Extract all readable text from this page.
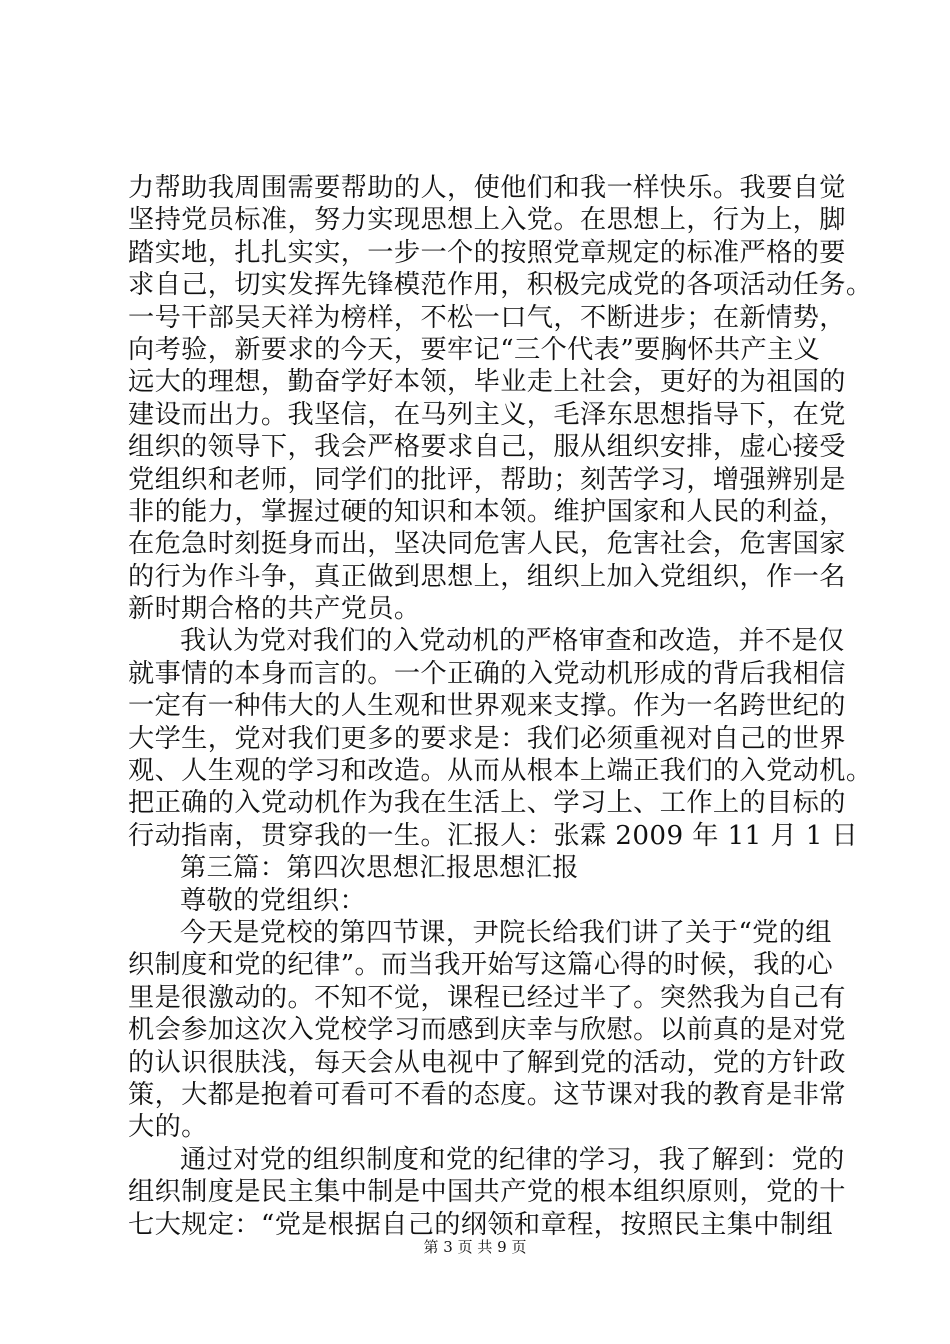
力帮助我周围需要帮助的人，使他们和我一样快乐。我要自觉
坚持党员标准，努力实现思想上入党。在思想上，行为上，脚
踏实地，扎扎实实，一步一个的按照党章规定的标准严格的要
求自己，切实发挥先锋模范作用，积极完成党的各项活动任务。
一号干部吴天祥为榜样，不松一口气，不断进步；在新情势，
向考验，新要求的今天，要牢记“三个代表”要胸怀共产主义
远大的理想，勤奋学好本领，毕业走上社会，更好的为祖国的
建设而出力。我坚信，在马列主义，毛泽东思想指导下，在党
组织的领导下，我会严格要求自己，服从组织安排，虚心接受
党组织和老师，同学们的批评，帮助；刻苦学习，增强辨别是
非的能力，掌握过硬的知识和本领。维护国家和人民的利益，
在危急时刻挺身而出，坚决同危害人民，危害社会，危害国家
的行为作斗争，真正做到思想上，组织上加入党组织，作一名
新时期合格的共产党员。
我认为党对我们的入党动机的严格审查和改造，并不是仅
就事情的本身而言的。一个正确的入党动机形成的背后我相信
一定有一种伟大的人生观和世界观来支撑。作为一名跨世纪的
大学生，党对我们更多的要求是：我们必须重视对自己的世界
观、人生观的学习和改造。从而从根本上端正我们的入党动机。
把正确的入党动机作为我在生活上、学习上、工作上的目标的
行动指南，贯穿我的一生。汇报人：张霖 2009 年 11 月 1 日
第三篇：第四次思想汇报思想汇报
尊敬的党组织：
今天是党校的第四节课，尹院长给我们讲了关于“党的组
织制度和党的纪律”。而当我开始写这篇心得的时候，我的心
里是很激动的。不知不觉，课程已经过半了。突然我为自己有
机会参加这次入党校学习而感到庆幸与欣慰。以前真的是对党
的认识很肤浅，每天会从电视中了解到党的活动，党的方针政
策，大都是抱着可看可不看的态度。这节课对我的教育是非常
大的。
通过对党的组织制度和党的纪律的学习，我了解到：党的
组织制度是民主集中制是中国共产党的根本组织原则，党的十
七大规定：“党是根据自己的纲领和章程，按照民主集中制组
第 3 页 共 9 页
